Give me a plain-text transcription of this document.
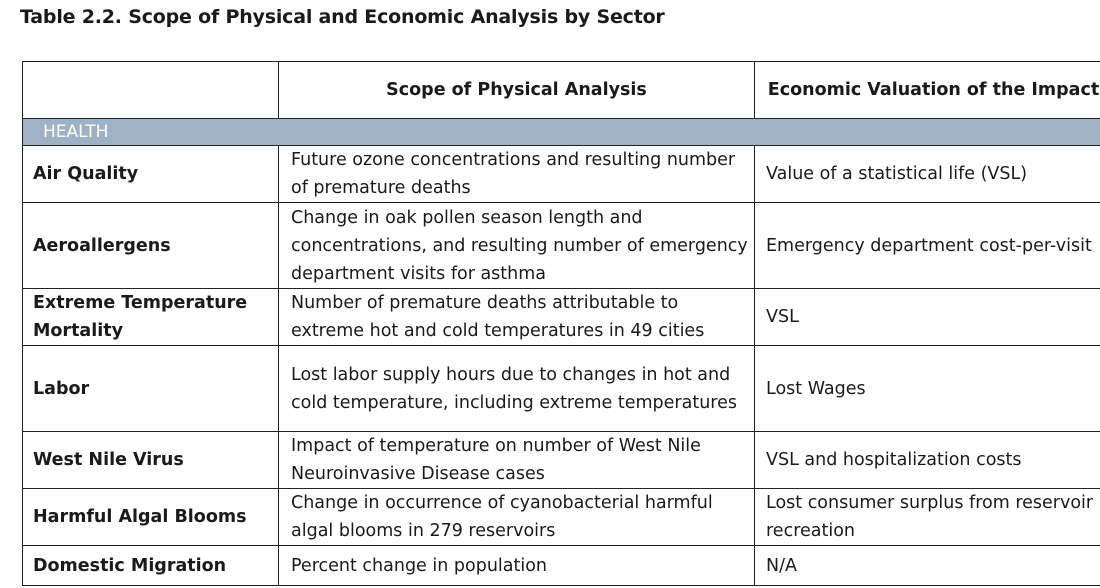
Table 2.2. Scope of Physical and Economic Analysis by Sector
	Scope of Physical Analysis	Economic Valuation of the Impact
HEALTH		
Air Quality	Future ozone concentrations and resulting number of premature deaths	Value of a statistical life (VSL)
Aeroallergens	Change in oak pollen season length and concentrations, and resulting number of emergency department visits for asthma	Emergency department cost-per-visit
Extreme Temperature Mortality	Number of premature deaths attributable to extreme hot and cold temperatures in 49 cities	VSL
Labor	Lost labor supply hours due to changes in hot and cold temperature, including extreme temperatures	Lost Wages
West Nile Virus	Impact of temperature on number of West Nile Neuroinvasive Disease cases	VSL and hospitalization costs
Harmful Algal Blooms	Change in occurrence of cyanobacterial harmful algal blooms in 279 reservoirs	Lost consumer surplus from reservoir recreation
Domestic Migration	Percent change in population	N/A
